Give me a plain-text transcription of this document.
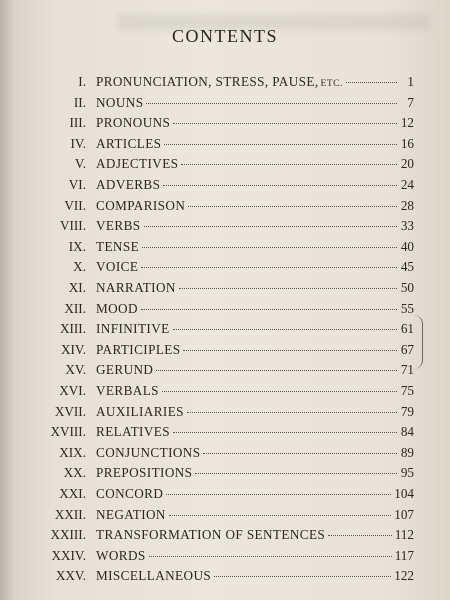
CONTENTS
I. PRONUNCIATION, STRESS, PAUSE, ETC.	1
II. NOUNS	7
III. PRONOUNS	12
IV. ARTICLES	16
V. ADJECTIVES	20
VI. ADVERBS	24
VII. COMPARISON	28
VIII. VERBS	33
IX. TENSE	40
X. VOICE	45
XI. NARRATION	50
XII. MOOD	55
XIII. INFINITIVE	61
XIV. PARTICIPLES	67
XV. GERUND	71
XVI. VERBALS	75
XVII. AUXILIARIES	79
XVIII. RELATIVES	84
XIX. CONJUNCTIONS	89
XX. PREPOSITIONS	95
XXI. CONCORD	104
XXII. NEGATION	107
XXIII. TRANSFORMATION OF SENTENCES	112
XXIV. WORDS	117
XXV. MISCELLANEOUS	122
